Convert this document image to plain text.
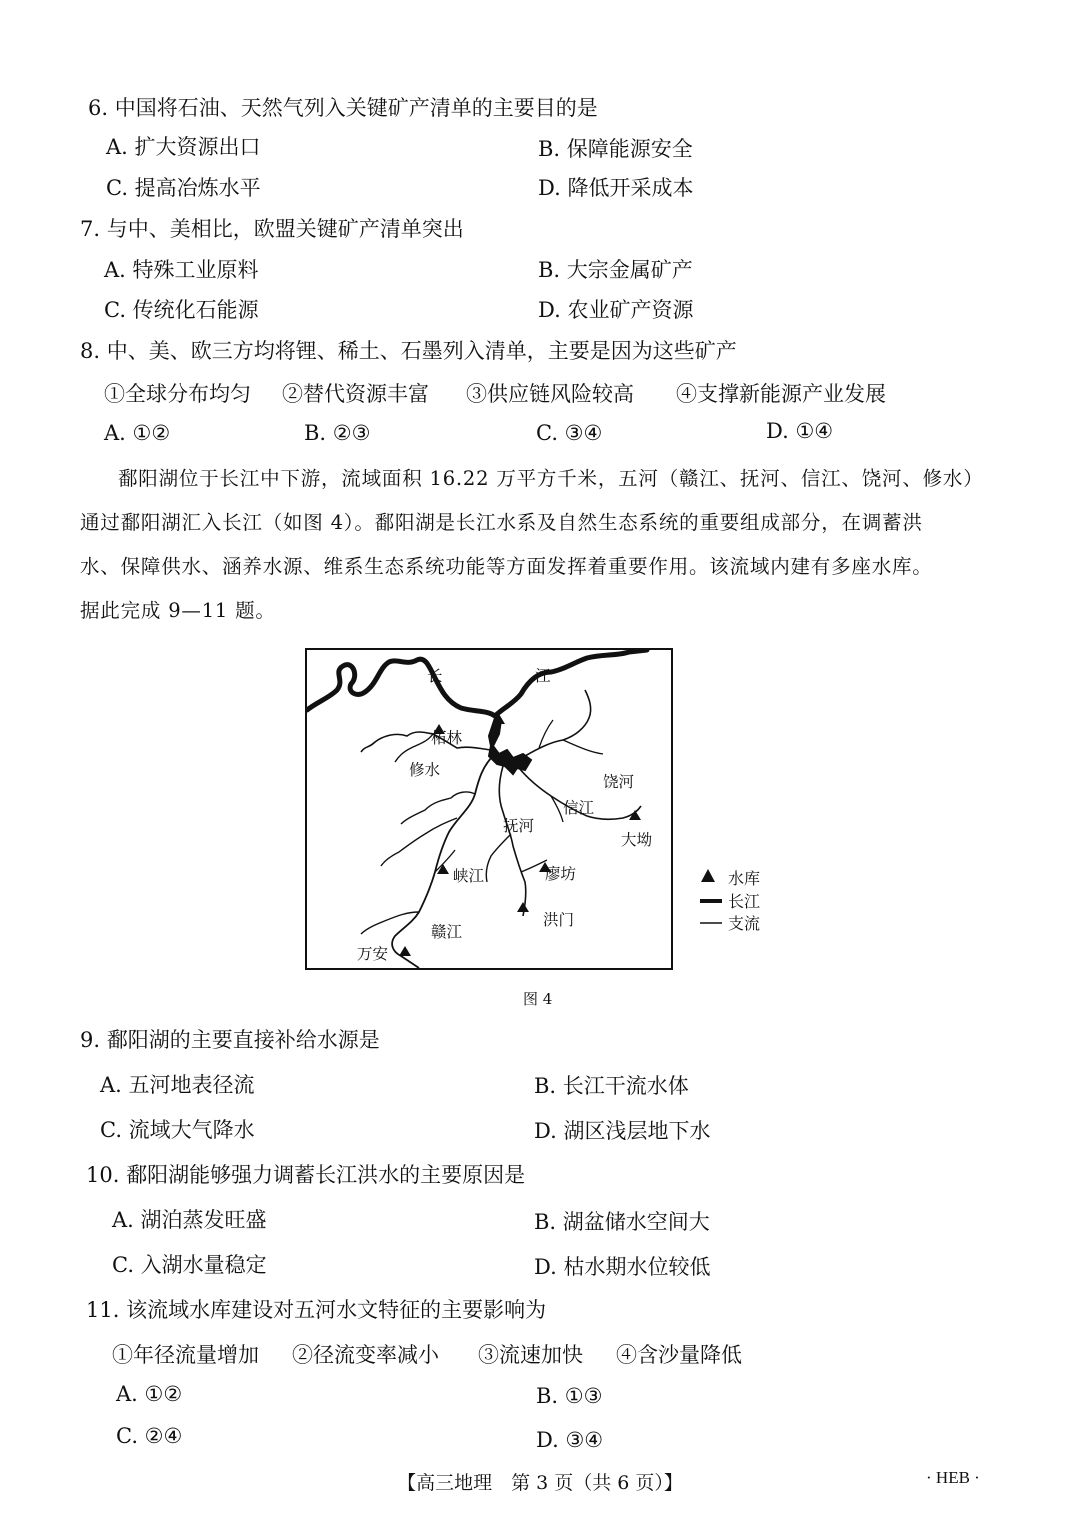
6. 中国将石油、天然气列入关键矿产清单的主要目的是
A. 扩大资源出口	B. 保障能源安全
C. 提高冶炼水平	D. 降低开采成本
7. 与中、美相比，欧盟关键矿产清单突出
A. 特殊工业原料	B. 大宗金属矿产
C. 传统化石能源	D. 农业矿产资源
8. 中、美、欧三方均将锂、稀土、石墨列入清单，主要是因为这些矿产
①全球分布均匀 ②替代资源丰富 ③供应链风险较高 ④支撑新能源产业发展
A. ①②	B. ②③	C. ③④	D. ①④
鄱阳湖位于长江中下游，流域面积 16.22 万平方千米，五河（赣江、抚河、信江、饶河、修水）
通过鄱阳湖汇入长江（如图 4）。鄱阳湖是长江水系及自然生态系统的重要组成部分，在调蓄洪
水、保障供水、涵养水源、维系生态系统功能等方面发挥着重要作用。该流域内建有多座水库。
据此完成 9—11 题。
长	江
柘林
修水
饶河
信江
大坳
抚河
峡江	廖坊
洪门
赣江
万安
水库
长江
支流
图 4
9. 鄱阳湖的主要直接补给水源是
A. 五河地表径流	B. 长江干流水体
C. 流域大气降水	D. 湖区浅层地下水
10. 鄱阳湖能够强力调蓄长江洪水的主要原因是
A. 湖泊蒸发旺盛	B. 湖盆储水空间大
C. 入湖水量稳定	D. 枯水期水位较低
11. 该流域水库建设对五河水文特征的主要影响为
①年径流量增加 ②径流变率减小 ③流速加快 ④含沙量降低
A. ①②	B. ①③
C. ②④	D. ③④
【高三地理　第 3 页（共 6 页）】	· HEB ·
